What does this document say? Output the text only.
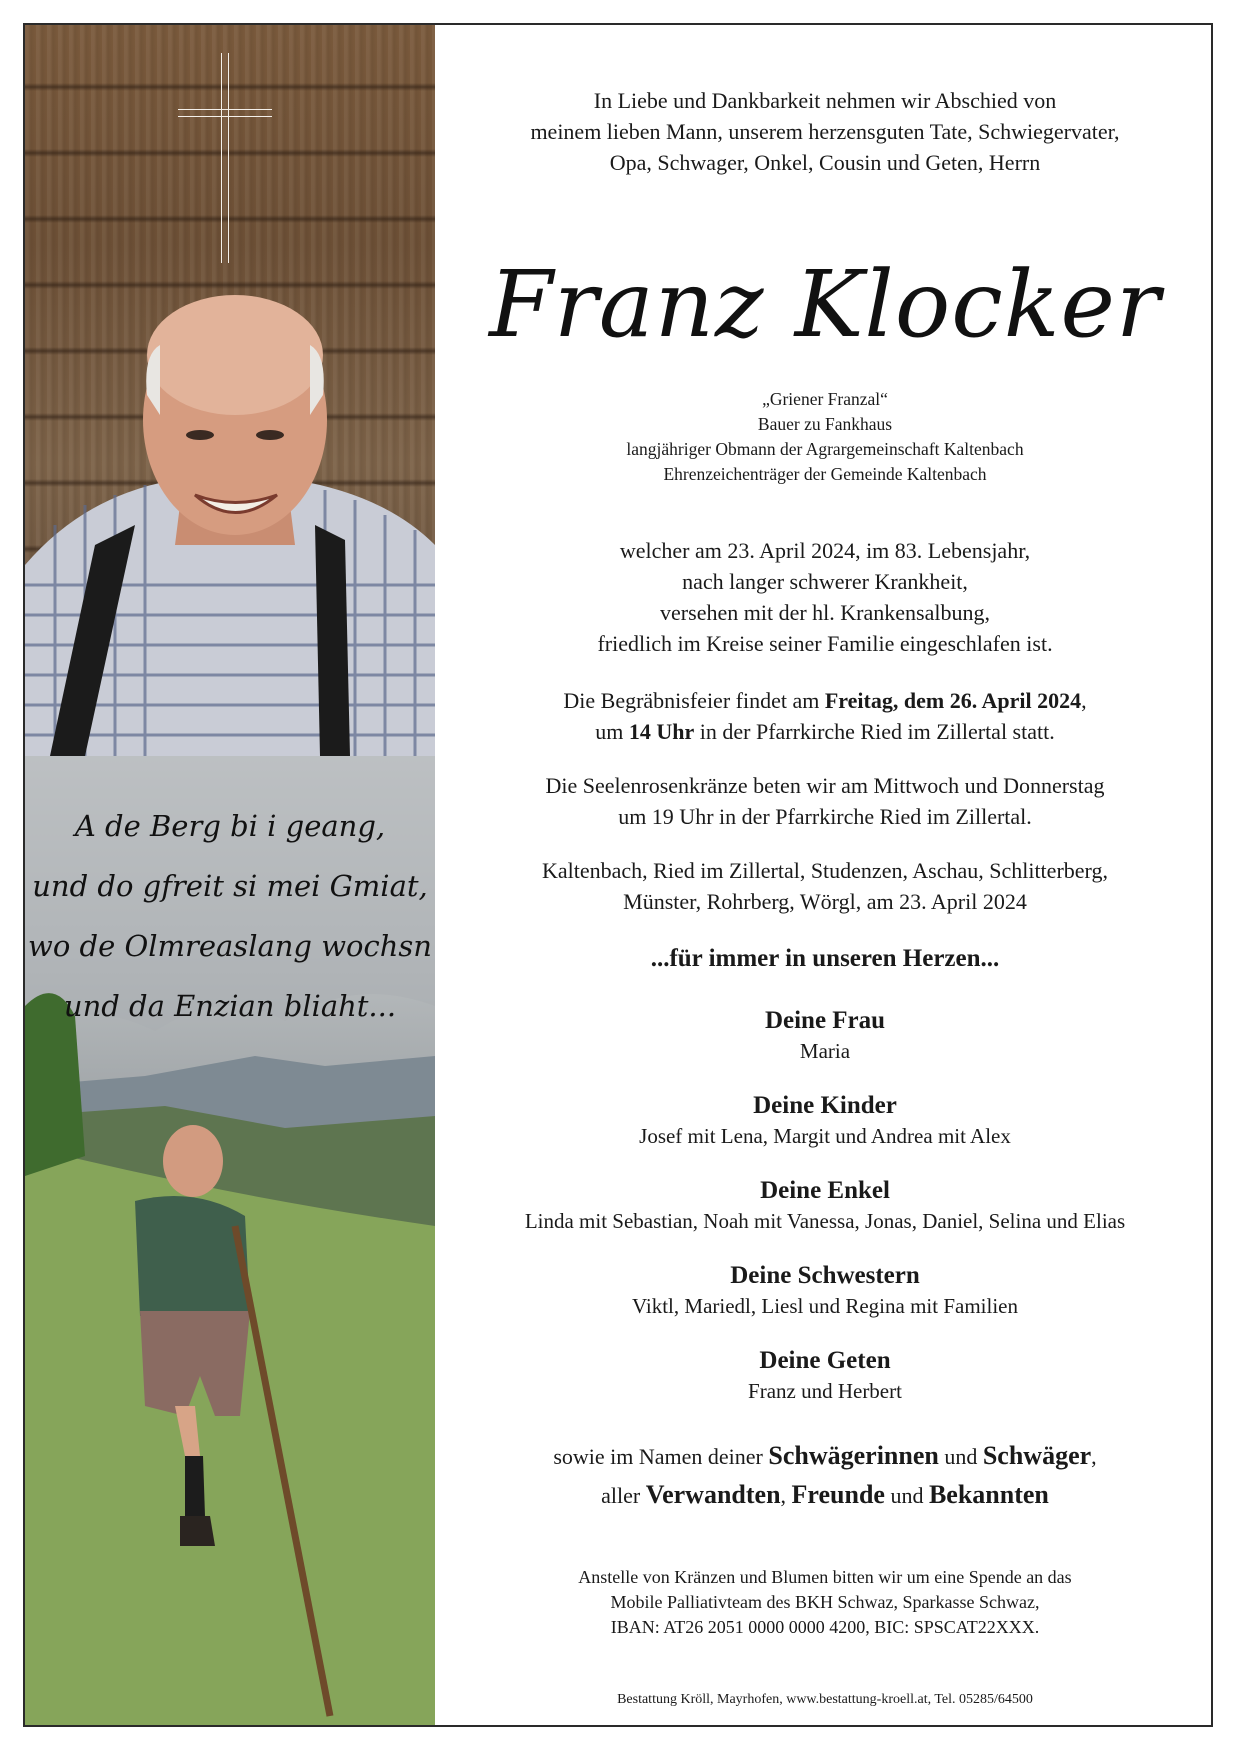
A de Berg bi i geang,
und do gfreit si mei Gmiat,
wo de Olmreaslang wochsn
und da Enzian bliaht...
In Liebe und Dankbarkeit nehmen wir Abschied von
meinem lieben Mann, unserem herzensguten Tate, Schwiegervater,
Opa, Schwager, Onkel, Cousin und Geten, Herrn
Franz Klocker
„Griener Franzal“
Bauer zu Fankhaus
langjähriger Obmann der Agrargemeinschaft Kaltenbach
Ehrenzeichenträger der Gemeinde Kaltenbach
welcher am 23. April 2024, im 83. Lebensjahr,
nach langer schwerer Krankheit,
versehen mit der hl. Krankensalbung,
friedlich im Kreise seiner Familie eingeschlafen ist.
Die Begräbnisfeier findet am Freitag, dem 26. April 2024,
um 14 Uhr in der Pfarrkirche Ried im Zillertal statt.
Die Seelenrosenkränze beten wir am Mittwoch und Donnerstag
um 19 Uhr in der Pfarrkirche Ried im Zillertal.
Kaltenbach, Ried im Zillertal, Studenzen, Aschau, Schlitterberg,
Münster, Rohrberg, Wörgl, am 23. April 2024
...für immer in unseren Herzen...
Deine Frau
Maria
Deine Kinder
Josef mit Lena, Margit und Andrea mit Alex
Deine Enkel
Linda mit Sebastian, Noah mit Vanessa, Jonas, Daniel, Selina und Elias
Deine Schwestern
Viktl, Mariedl, Liesl und Regina mit Familien
Deine Geten
Franz und Herbert
sowie im Namen deiner Schwägerinnen und Schwäger,
aller Verwandten, Freunde und Bekannten
Anstelle von Kränzen und Blumen bitten wir um eine Spende an das
Mobile Palliativteam des BKH Schwaz, Sparkasse Schwaz,
IBAN: AT26 2051 0000 0000 4200, BIC: SPSCAT22XXX.
Bestattung Kröll, Mayrhofen, www.bestattung-kroell.at, Tel. 05285/64500
